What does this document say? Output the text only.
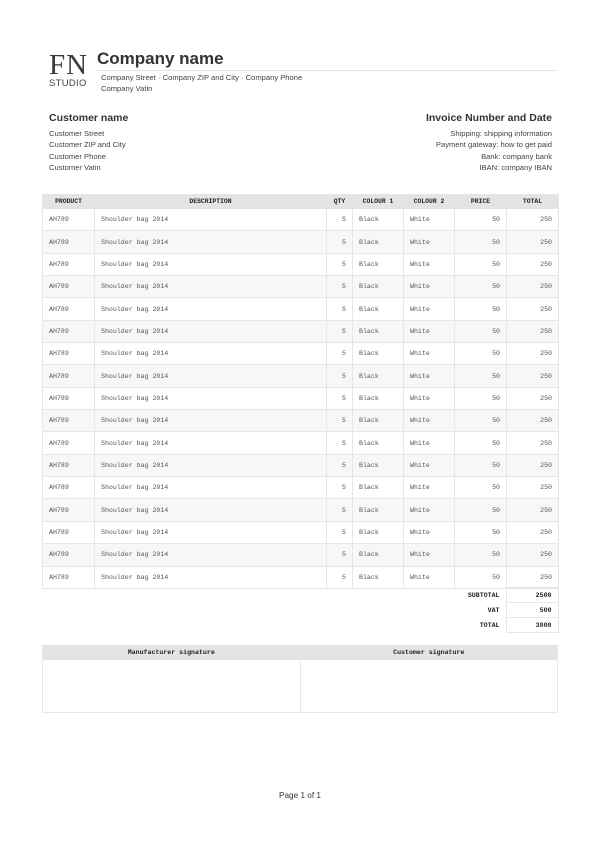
FN
STUDIO
Company name
Company Street · Company ZIP and City · Company Phone
Company Vatin
Customer name	Invoice Number and Date
Customer Street
Customer ZIP and City
Customer Phone
Customer Vatin
Shipping: shipping information
Payment gateway: how to get paid
Bank: company bank
IBAN: company IBAN
PRODUCT	DESCRIPTION	QTY	COLOUR 1	COLOUR 2	PRICE	TOTAL
AH789	Shoulder bag 2014	5	Black	White	50	250
AH789	Shoulder bag 2014	5	Black	White	50	250
AH789	Shoulder bag 2014	5	Black	White	50	250
AH789	Shoulder bag 2014	5	Black	White	50	250
AH789	Shoulder bag 2014	5	Black	White	50	250
AH789	Shoulder bag 2014	5	Black	White	50	250
AH789	Shoulder bag 2014	5	Black	White	50	250
AH789	Shoulder bag 2014	5	Black	White	50	250
AH789	Shoulder bag 2014	5	Black	White	50	250
AH789	Shoulder bag 2014	5	Black	White	50	250
AH789	Shoulder bag 2014	5	Black	White	50	250
AH789	Shoulder bag 2014	5	Black	White	50	250
AH789	Shoulder bag 2014	5	Black	White	50	250
AH789	Shoulder bag 2014	5	Black	White	50	250
AH789	Shoulder bag 2014	5	Black	White	50	250
AH789	Shoulder bag 2014	5	Black	White	50	250
AH789	Shoulder bag 2014	5	Black	White	50	250
	SUBTOTAL	2500
	VAT	500
	TOTAL	3000
Manufacturer signature	Customer signature

Page 1 of 1
